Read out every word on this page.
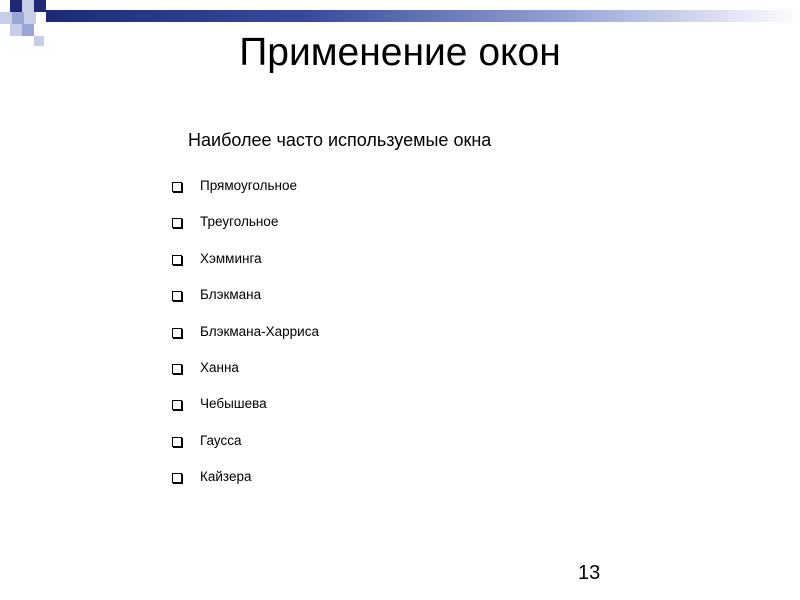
Применение окон
Наиболее часто используемые окна
Прямоугольное
Треугольное
Хэмминга
Блэкмана
Блэкмана-Харриса
Ханна
Чебышева
Гаусса
Кайзера
13
